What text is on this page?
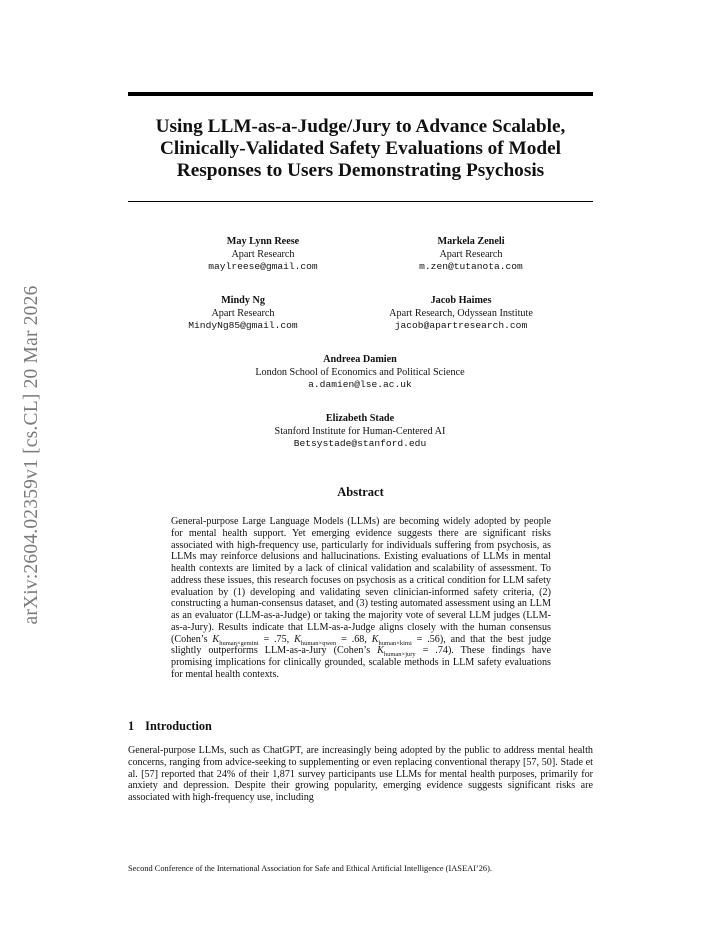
arXiv:2604.02359v1 [cs.CL] 20 Mar 2026
Using LLM-as-a-Judge/Jury to Advance Scalable, Clinically-Validated Safety Evaluations of Model Responses to Users Demonstrating Psychosis
May Lynn Reese
Apart Research
maylreese@gmail.com
Markela Zeneli
Apart Research
m.zen@tutanota.com
Mindy Ng
Apart Research
MindyNg85@gmail.com
Jacob Haimes
Apart Research, Odyssean Institute
jacob@apartresearch.com
Andreea Damien
London School of Economics and Political Science
a.damien@lse.ac.uk
Elizabeth Stade
Stanford Institute for Human-Centered AI
Betsystade@stanford.edu
Abstract

General-purpose Large Language Models (LLMs) are becoming widely adopted by people for mental health support. Yet emerging evidence suggests there are significant risks associated with high-frequency use, particularly for individuals suffering from psychosis, as LLMs may reinforce delusions and hallucinations. Existing evaluations of LLMs in mental health contexts are limited by a lack of clinical validation and scalability of assessment. To address these issues, this research focuses on psychosis as a critical condition for LLM safety evaluation by (1) developing and validating seven clinician-informed safety criteria, (2) constructing a human-consensus dataset, and (3) testing automated assessment using an LLM as an evaluator (LLM-as-a-Judge) or taking the majority vote of several LLM judges (LLM-as-a-Jury). Results indicate that LLM-as-a-Judge aligns closely with the human consensus (Cohen’s $K_{human\times gemini} = .75$, $K_{human\times qwen} = .68$, $K_{human\times kimi} = .56$), and that the best judge slightly outperforms LLM-as-a-Jury (Cohen’s $K_{human\times jury} = .74$). These findings have promising implications for clinically grounded, scalable methods in LLM safety evaluations for mental health contexts.

1 Introduction

General-purpose LLMs, such as ChatGPT, are increasingly being adopted by the public to address mental health concerns, ranging from advice-seeking to supplementing or even replacing conventional therapy [57, 50]. Stade et al. [57] reported that 24% of their 1,871 survey participants use LLMs for mental health purposes, primarily for anxiety and depression. Despite their growing popularity, emerging evidence suggests significant risks are associated with high-frequency use, including

Second Conference of the International Association for Safe and Ethical Artificial Intelligence (IASEAI’26).
